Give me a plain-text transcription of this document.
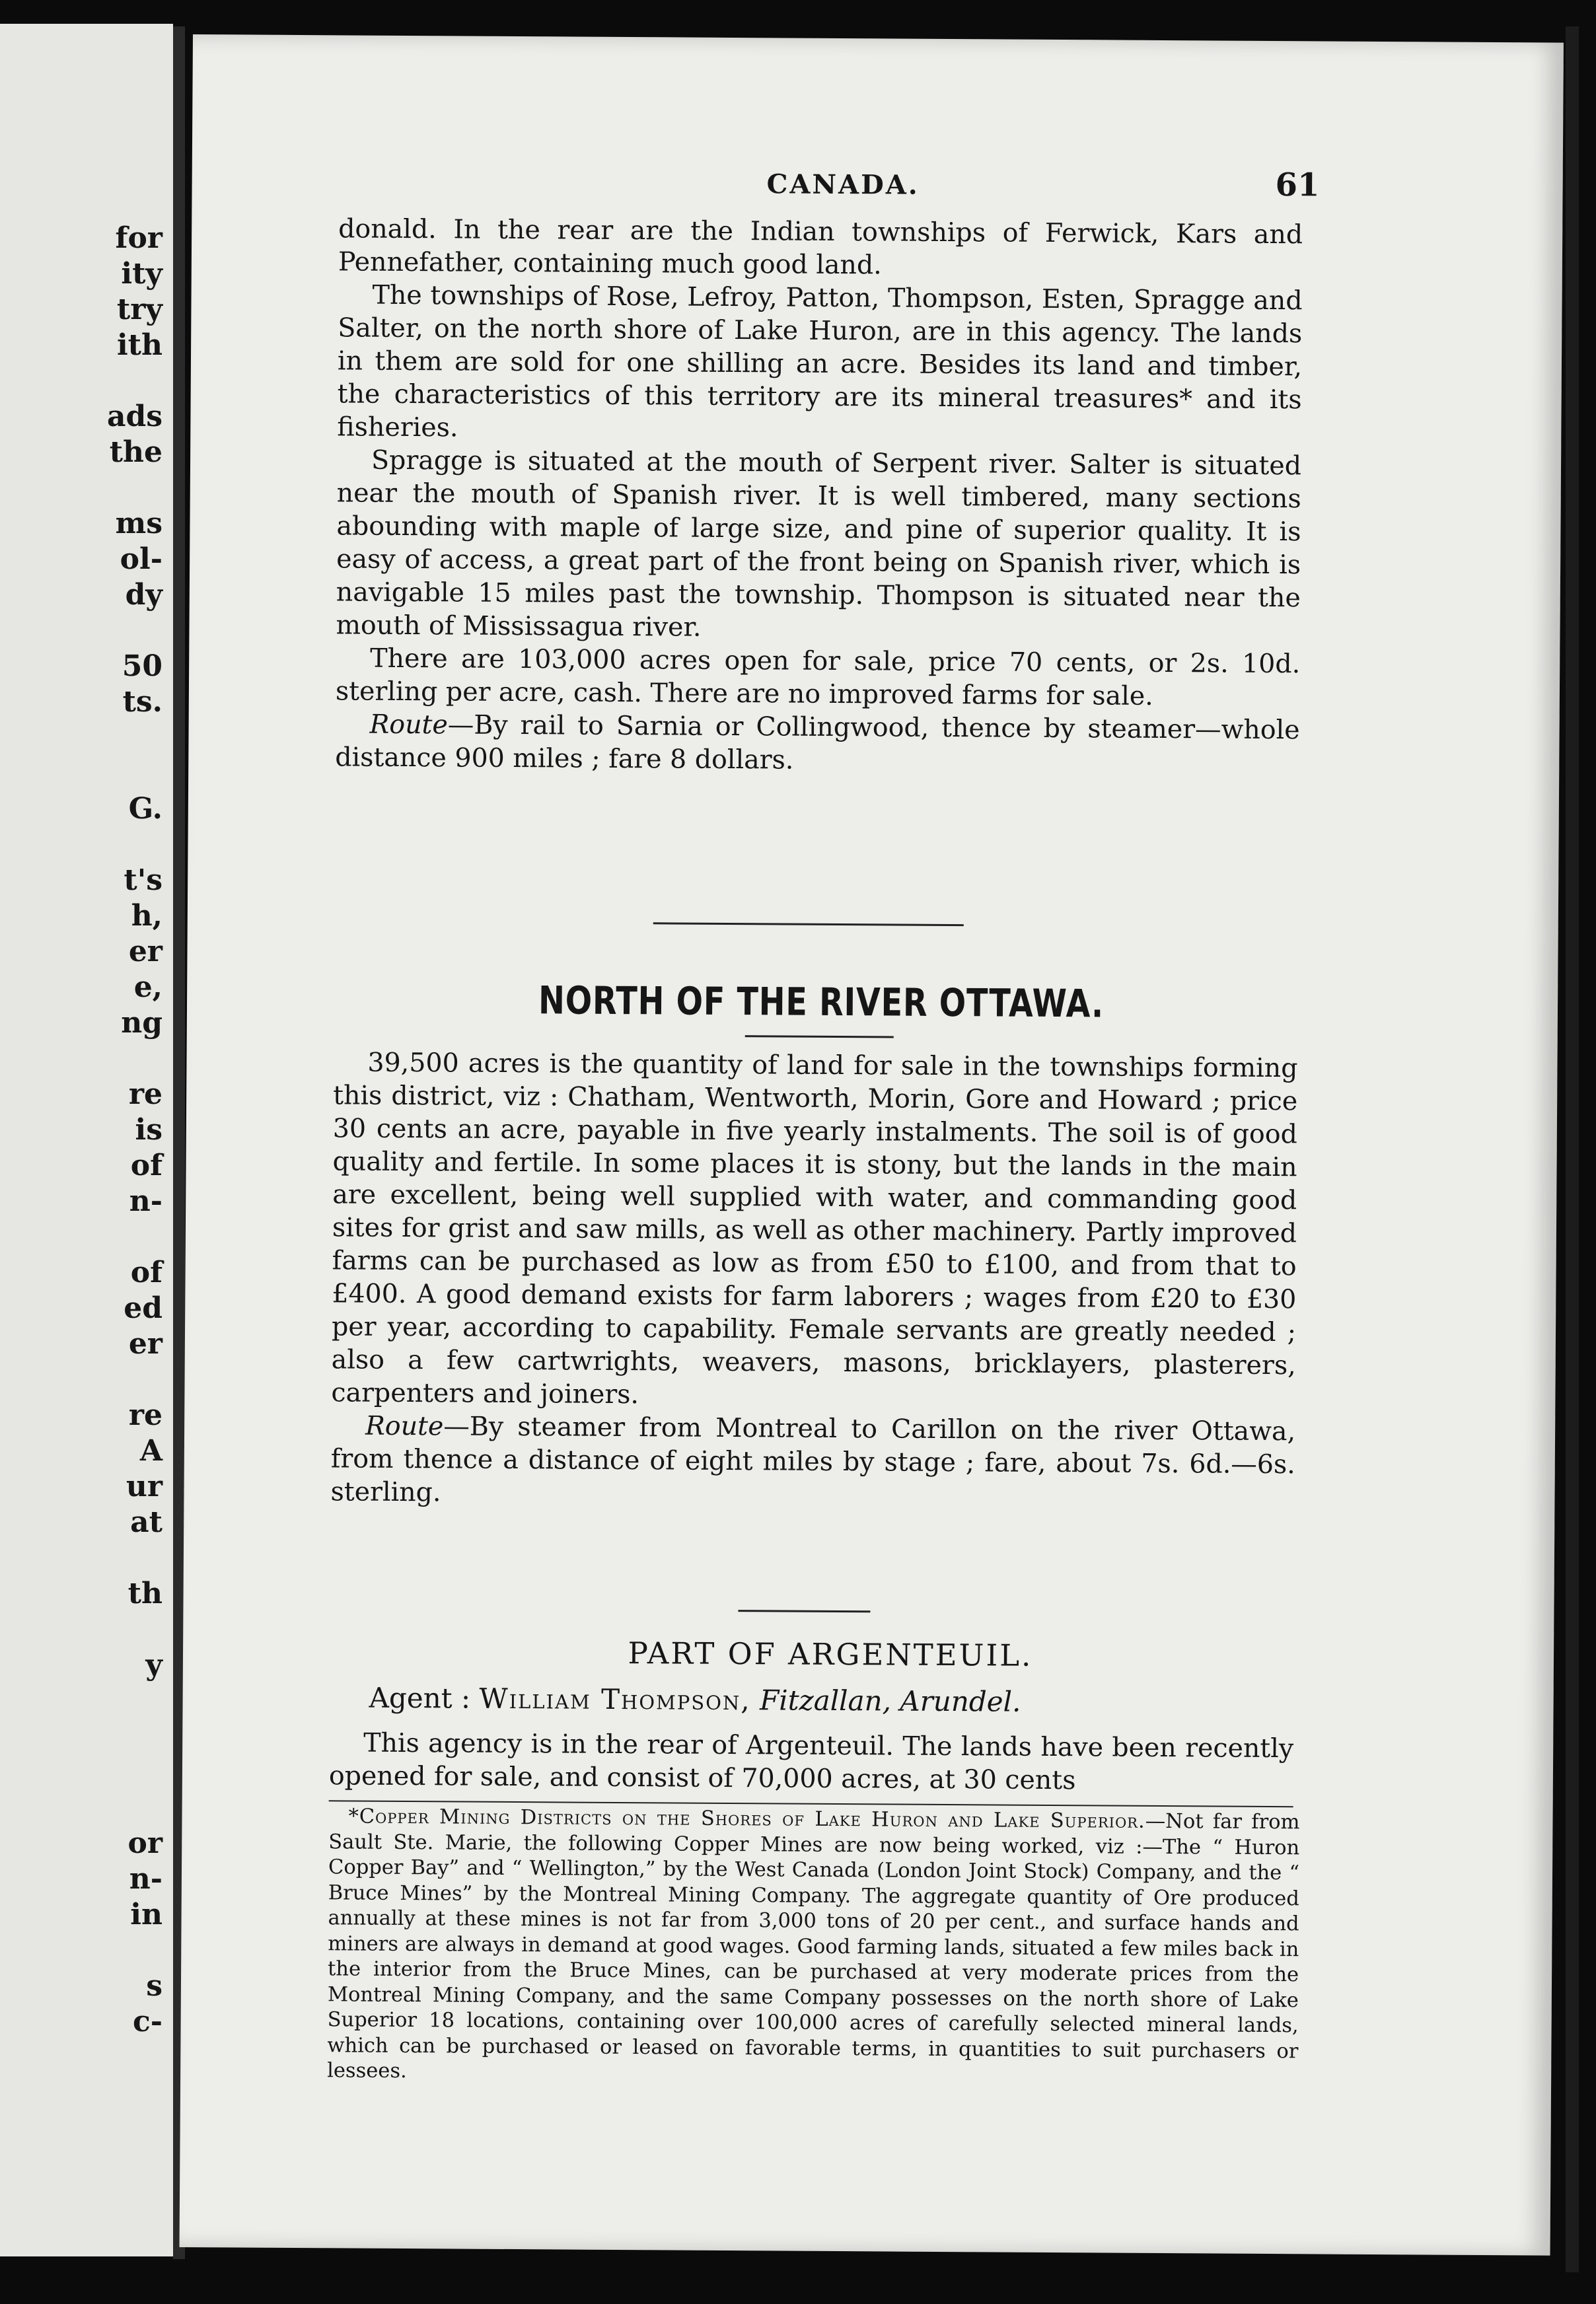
for
ity
try
ith
ads
the
ms
ol-
dy
50
ts.
G.
t's
h,
er
e,
ng
re
is
of
n-
of
ed
er
re
A
ur
at
th
y
or
n-
in
s
c-
CANADA.	61

donald. In the rear are the Indian townships of Ferwick, Kars and Pennefather, containing much good land.

The townships of Rose, Lefroy, Patton, Thompson, Esten, Spragge and Salter, on the north shore of Lake Huron, are in this agency. The lands in them are sold for one shilling an acre. Besides its land and timber, the characteristics of this territory are its mineral treasures* and its fisheries.

Spragge is situated at the mouth of Serpent river. Salter is situated near the mouth of Spanish river. It is well timbered, many sections abounding with maple of large size, and pine of superior quality. It is easy of access, a great part of the front being on Spanish river, which is navigable 15 miles past the township. Thompson is situated near the mouth of Mississagua river.

There are 103,000 acres open for sale, price 70 cents, or 2s. 10d. sterling per acre, cash. There are no improved farms for sale.

Route—By rail to Sarnia or Collingwood, thence by steamer—whole distance 900 miles ; fare 8 dollars.

NORTH OF THE RIVER OTTAWA.

39,500 acres is the quantity of land for sale in the townships forming this district, viz : Chatham, Wentworth, Morin, Gore and Howard ; price 30 cents an acre, payable in five yearly instalments. The soil is of good quality and fertile. In some places it is stony, but the lands in the main are excellent, being well supplied with water, and commanding good sites for grist and saw mills, as well as other machinery. Partly improved farms can be purchased as low as from £50 to £100, and from that to £400. A good demand exists for farm laborers ; wages from £20 to £30 per year, according to capability. Female servants are greatly needed ; also a few cartwrights, weavers, masons, bricklayers, plasterers, carpenters and joiners.

Route—By steamer from Montreal to Carillon on the river Ottawa, from thence a distance of eight miles by stage ; fare, about 7s. 6d.—6s. sterling.

PART OF ARGENTEUIL.
Agent : William Thompson, Fitzallan, Arundel.

This agency is in the rear of Argenteuil. The lands have been recently opened for sale, and consist of 70,000 acres, at 30 cents

*Copper Mining Districts on the Shores of Lake Huron and Lake Superior.—Not far from Sault Ste. Marie, the following Copper Mines are now being worked, viz :—The “ Huron Copper Bay” and “ Wellington,” by the West Canada (London Joint Stock) Company, and the “ Bruce Mines” by the Montreal Mining Company. The aggregate quantity of Ore produced annually at these mines is not far from 3,000 tons of 20 per cent., and surface hands and miners are always in demand at good wages. Good farming lands, situated a few miles back in the interior from the Bruce Mines, can be purchased at very moderate prices from the Montreal Mining Company, and the same Company possesses on the north shore of Lake Superior 18 locations, containing over 100,000 acres of carefully selected mineral lands, which can be purchased or leased on favorable terms, in quantities to suit purchasers or lessees.
